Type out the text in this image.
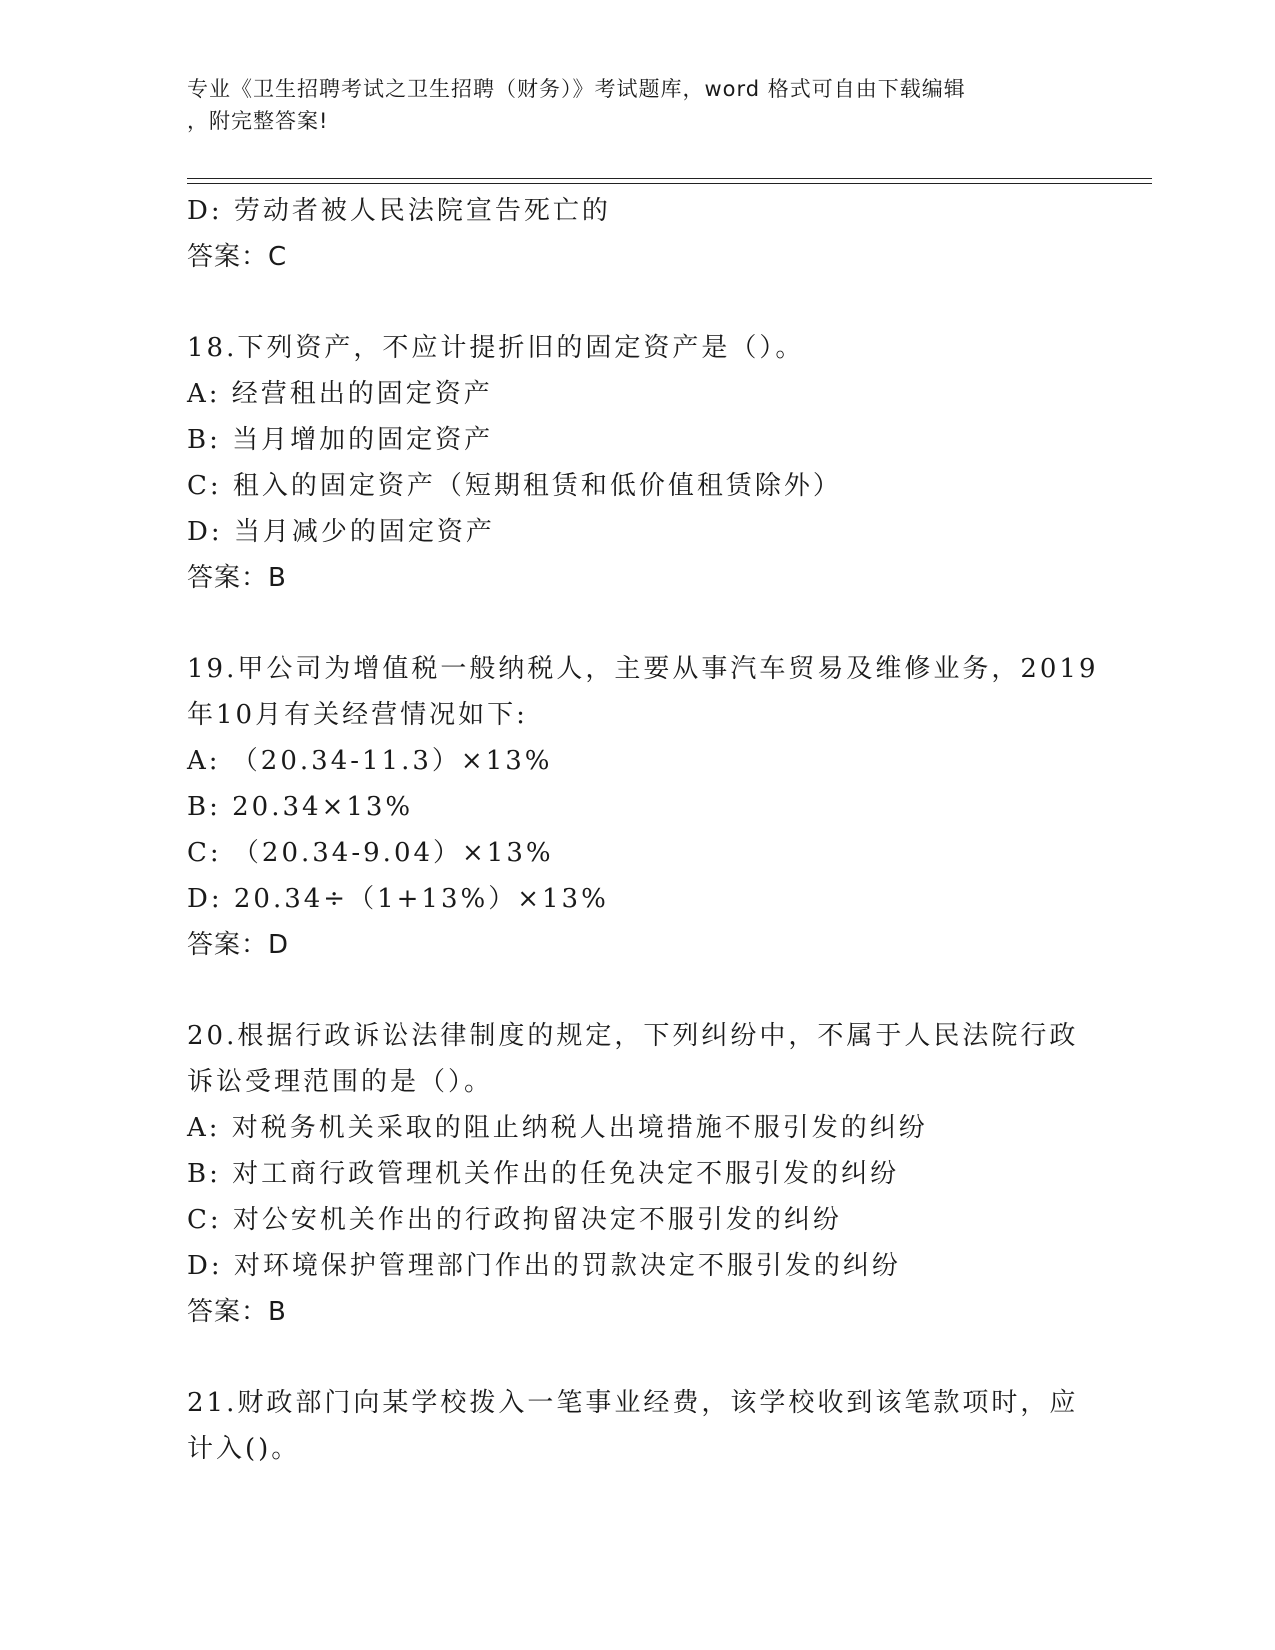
专业《卫生招聘考试之卫生招聘（财务）》考试题库，word 格式可自由下载编辑
，附完整答案!
D: 劳动者被人民法院宣告死亡的
答案：C
18.下列资产，不应计提折旧的固定资产是（）。
A: 经营租出的固定资产
B: 当月增加的固定资产
C: 租入的固定资产（短期租赁和低价值租赁除外）
D: 当月减少的固定资产
答案：B
19.甲公司为增值税一般纳税人，主要从事汽车贸易及维修业务，2019
年10月有关经营情况如下:
A: （20.34-11.3）×13%
B: 20.34×13%
C: （20.34-9.04）×13%
D: 20.34÷（1+13%）×13%
答案：D
20.根据行政诉讼法律制度的规定，下列纠纷中，不属于人民法院行政
诉讼受理范围的是（）。
A: 对税务机关采取的阻止纳税人出境措施不服引发的纠纷
B: 对工商行政管理机关作出的任免决定不服引发的纠纷
C: 对公安机关作出的行政拘留决定不服引发的纠纷
D: 对环境保护管理部门作出的罚款决定不服引发的纠纷
答案：B
21.财政部门向某学校拨入一笔事业经费，该学校收到该笔款项时，应
计入()。
